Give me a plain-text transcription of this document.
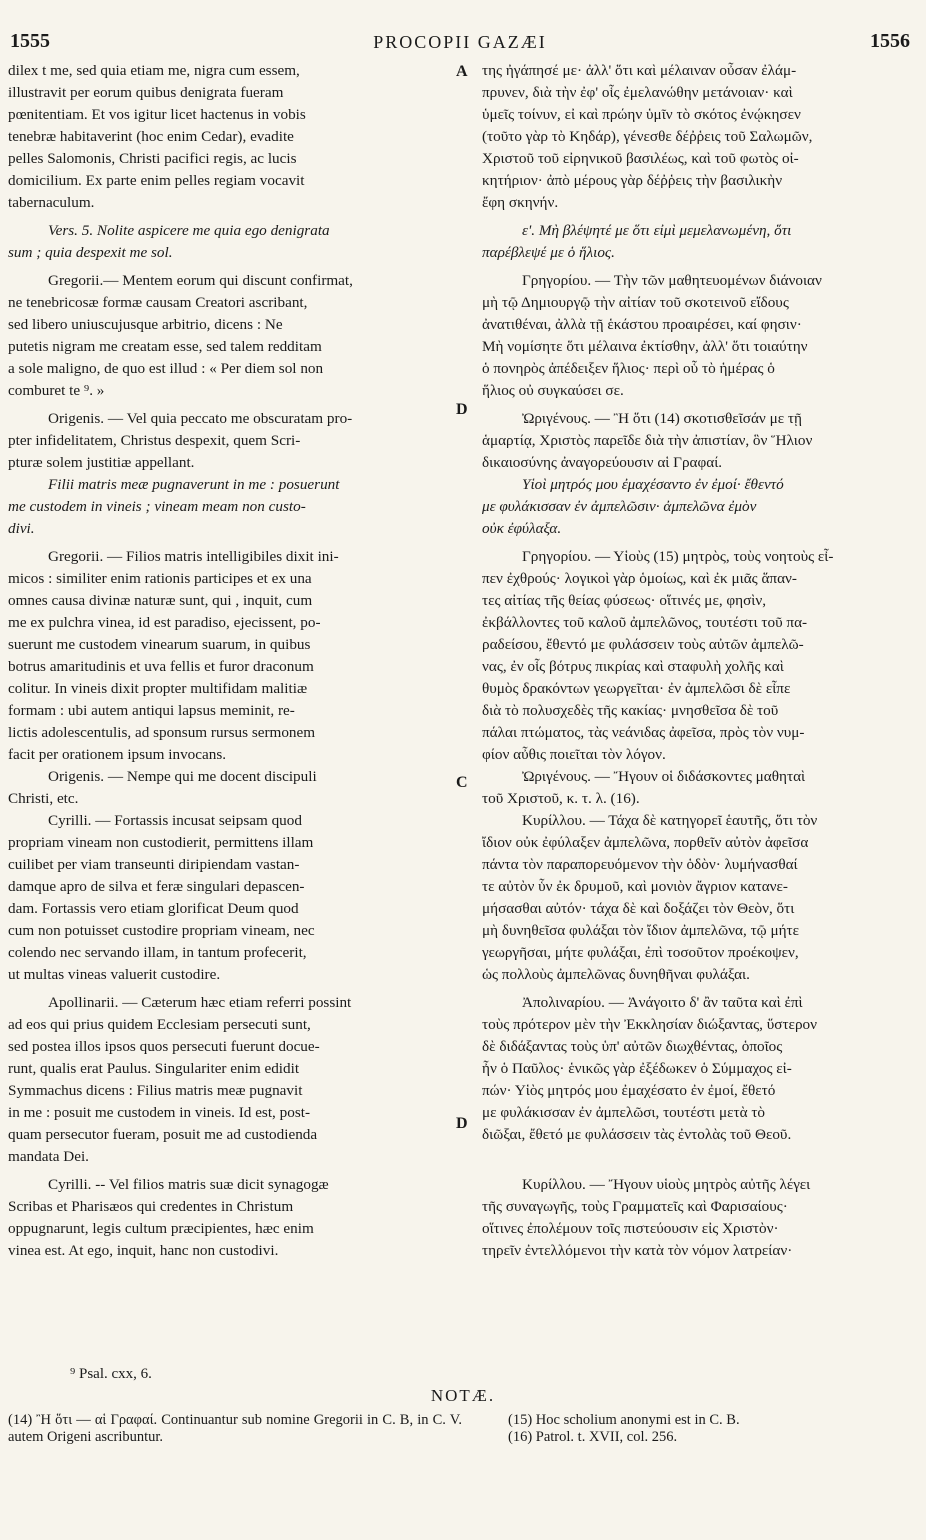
1555	PROCOPII GAZÆI	1556
A
D
C
D
dilex t me, sed quia etiam me, nigra cum essem,
illustravit per eorum quibus denigrata fueram
pœnitentiam. Et vos igitur licet hactenus in vobis
tenebræ habitaverint (hoc enim Cedar), evadite
pelles Salomonis, Christi pacifici regis, ac lucis
domicilium. Ex parte enim pelles regiam vocavit
tabernaculum.
Vers. 5. Nolite aspicere me quia ego denigrata
sum ; quia despexit me sol.
Gregorii.— Mentem eorum qui discunt confirmat,
ne tenebricosæ formæ causam Creatori ascribant,
sed libero uniuscujusque arbitrio, dicens : Ne
putetis nigram me creatam esse, sed talem redditam
a sole maligno, de quo est illud : « Per diem sol non
comburet te ⁹. »
Origenis. — Vel quia peccato me obscuratam pro-
pter infidelitatem, Christus despexit, quem Scri-
pturæ solem justitiæ appellant.
Filii matris meæ pugnaverunt in me : posuerunt
me custodem in vineis ; vineam meam non custo-
divi.
Gregorii. — Filios matris intelligibiles dixit ini-
micos : similiter enim rationis participes et ex una
omnes causa divinæ naturæ sunt, qui , inquit, cum
me ex pulchra vinea, id est paradiso, ejecissent, po-
suerunt me custodem vinearum suarum, in quibus
botrus amaritudinis et uva fellis et furor draconum
colitur. In vineis dixit propter multifidam malitiæ
formam : ubi autem antiqui lapsus meminit, re-
lictis adolescentulis, ad sponsum rursus sermonem
facit per orationem ipsum invocans.
Origenis. — Nempe qui me docent discipuli
Christi, etc.
Cyrilli. — Fortassis incusat seipsam quod
propriam vineam non custodierit, permittens illam
cuilibet per viam transeunti diripiendam vastan-
damque apro de silva et feræ singulari depascen-
dam. Fortassis vero etiam glorificat Deum quod
cum non potuisset custodire propriam vineam, nec
colendo nec servando illam, in tantum profecerit,
ut multas vineas valuerit custodire.
Apollinarii. — Cæterum hæc etiam referri possint
ad eos qui prius quidem Ecclesiam persecuti sunt,
sed postea illos ipsos quos persecuti fuerunt docue-
runt, qualis erat Paulus. Singulariter enim edidit
Symmachus dicens : Filius matris meæ pugnavit
in me : posuit me custodem in vineis. Id est, post-
quam persecutor fueram, posuit me ad custodienda
mandata Dei.
Cyrilli. -- Vel filios matris suæ dicit synagogæ
Scribas et Pharisæos qui credentes in Christum
oppugnarunt, legis cultum præcipientes, hæc enim
vinea est. At ego, inquit, hanc non custodivi.
της ἠγάπησέ με· ἀλλ' ὅτι καὶ μέλαιναν οὖσαν ἐλάμ-
πρυνεν, διὰ τὴν ἐφ' οἷς ἐμελανώθην μετάνοιαν· καὶ
ὑμεῖς τοίνυν, εἰ καὶ πρώην ὑμῖν τὸ σκότος ἐνῴκησεν
(τοῦτο γὰρ τὸ Κηδάρ), γένεσθε δέῤῥεις τοῦ Σαλωμῶν,
Χριστοῦ τοῦ εἰρηνικοῦ βασιλέως, καὶ τοῦ φωτὸς οἰ-
κητήριον· ἀπὸ μέρους γὰρ δέῤῥεις τὴν βασιλικὴν
ἔφη σκηνήν.
ε'. Μὴ βλέψητέ με ὅτι εἰμὶ μεμελανωμένη, ὅτι
παρέβλεψέ με ὁ ἥλιος.
Γρηγορίου. — Τὴν τῶν μαθητευομένων διάνοιαν
μὴ τῷ Δημιουργῷ τὴν αἰτίαν τοῦ σκοτεινοῦ εἴδους
ἀνατιθέναι, ἀλλὰ τῇ ἑκάστου προαιρέσει, καί φησιν·
Μὴ νομίσητε ὅτι μέλαινα ἐκτίσθην, ἀλλ' ὅτι τοιαύτην
ὁ πονηρὸς ἀπέδειξεν ἥλιος· περὶ οὗ τὸ ἡμέρας ὁ
ἥλιος οὐ συγκαύσει σε.
Ὠριγένους. — Ἢ ὅτι (14) σκοτισθεῖσάν με τῇ
ἁμαρτίᾳ, Χριστὸς παρεῖδε διὰ τὴν ἀπιστίαν, ὃν Ἥλιον
δικαιοσύνης ἀναγορεύουσιν αἱ Γραφαί.
Υἱοὶ μητρός μου ἐμαχέσαντο ἐν ἐμοί· ἔθεντό
με φυλάκισσαν ἐν ἀμπελῶσιν· ἀμπελῶνα ἐμὸν
οὐκ ἐφύλαξα.
Γρηγορίου. — Υἱοὺς (15) μητρὸς, τοὺς νοητοὺς εἶ-
πεν ἐχθρούς· λογικοὶ γὰρ ὁμοίως, καὶ ἐκ μιᾶς ἅπαν-
τες αἰτίας τῆς θείας φύσεως· οἵτινές με, φησὶν,
ἐκβάλλοντες τοῦ καλοῦ ἀμπελῶνος, τουτέστι τοῦ πα-
ραδείσου, ἔθεντό με φυλάσσειν τοὺς αὐτῶν ἀμπελῶ-
νας, ἐν οἷς βότρυς πικρίας καὶ σταφυλὴ χολῆς καὶ
θυμὸς δρακόντων γεωργεῖται· ἐν ἀμπελῶσι δὲ εἶπε
διὰ τὸ πολυσχεδὲς τῆς κακίας· μνησθεῖσα δὲ τοῦ
πάλαι πτώματος, τὰς νεάνιδας ἀφεῖσα, πρὸς τὸν νυμ-
φίον αὖθις ποιεῖται τὸν λόγον.
Ὠριγένους. — Ἤγουν οἱ διδάσκοντες μαθηταὶ
τοῦ Χριστοῦ, κ. τ. λ. (16).
Κυρίλλου. — Τάχα δὲ κατηγορεῖ ἑαυτῆς, ὅτι τὸν
ἴδιον οὐκ ἐφύλαξεν ἀμπελῶνα, πορθεῖν αὐτὸν ἀφεῖσα
πάντα τὸν παραπορευόμενον τὴν ὁδὸν· λυμήνασθαί
τε αὐτὸν ὗν ἐκ δρυμοῦ, καὶ μονιὸν ἄγριον κατανε-
μήσασθαι αὐτόν· τάχα δὲ καὶ δοξάζει τὸν Θεὸν, ὅτι
μὴ δυνηθεῖσα φυλάξαι τὸν ἴδιον ἀμπελῶνα, τῷ μήτε
γεωργῆσαι, μήτε φυλάξαι, ἐπὶ τοσοῦτον προέκοψεν,
ὡς πολλοὺς ἀμπελῶνας δυνηθῆναι φυλάξαι.
Ἀπολιναρίου. — Ἀνάγοιτο δ' ἂν ταῦτα καὶ ἐπὶ
τοὺς πρότερον μὲν τὴν Ἐκκλησίαν διώξαντας, ὕστερον
δὲ διδάξαντας τοὺς ὑπ' αὐτῶν διωχθέντας, ὁποῖος
ἦν ὁ Παῦλος· ἑνικῶς γὰρ ἐξέδωκεν ὁ Σύμμαχος εἰ-
πών· Υἱὸς μητρός μου ἐμαχέσατο ἐν ἐμοί, ἔθετό
με φυλάκισσαν ἐν ἀμπελῶσι, τουτέστι μετὰ τὸ
διῶξαι, ἔθετό με φυλάσσειν τὰς ἐντολὰς τοῦ Θεοῦ.
Κυρίλλου. — Ἤγουν υἱοὺς μητρὸς αὐτῆς λέγει
τῆς συναγωγῆς, τοὺς Γραμματεῖς καὶ Φαρισαίους·
οἵτινες ἐπολέμουν τοῖς πιστεύουσιν εἰς Χριστὸν·
τηρεῖν ἐντελλόμενοι τὴν κατὰ τὸν νόμον λατρείαν·
⁹ Psal. cxx, 6.
NOTÆ.
(14) Ἢ ὅτι — αἱ Γραφαί. Continuantur sub nomine Gregorii in C. B, in C. V. autem Origeni ascribuntur.
(15) Hoc scholium anonymi est in C. B.
(16) Patrol. t. XVII, col. 256.
